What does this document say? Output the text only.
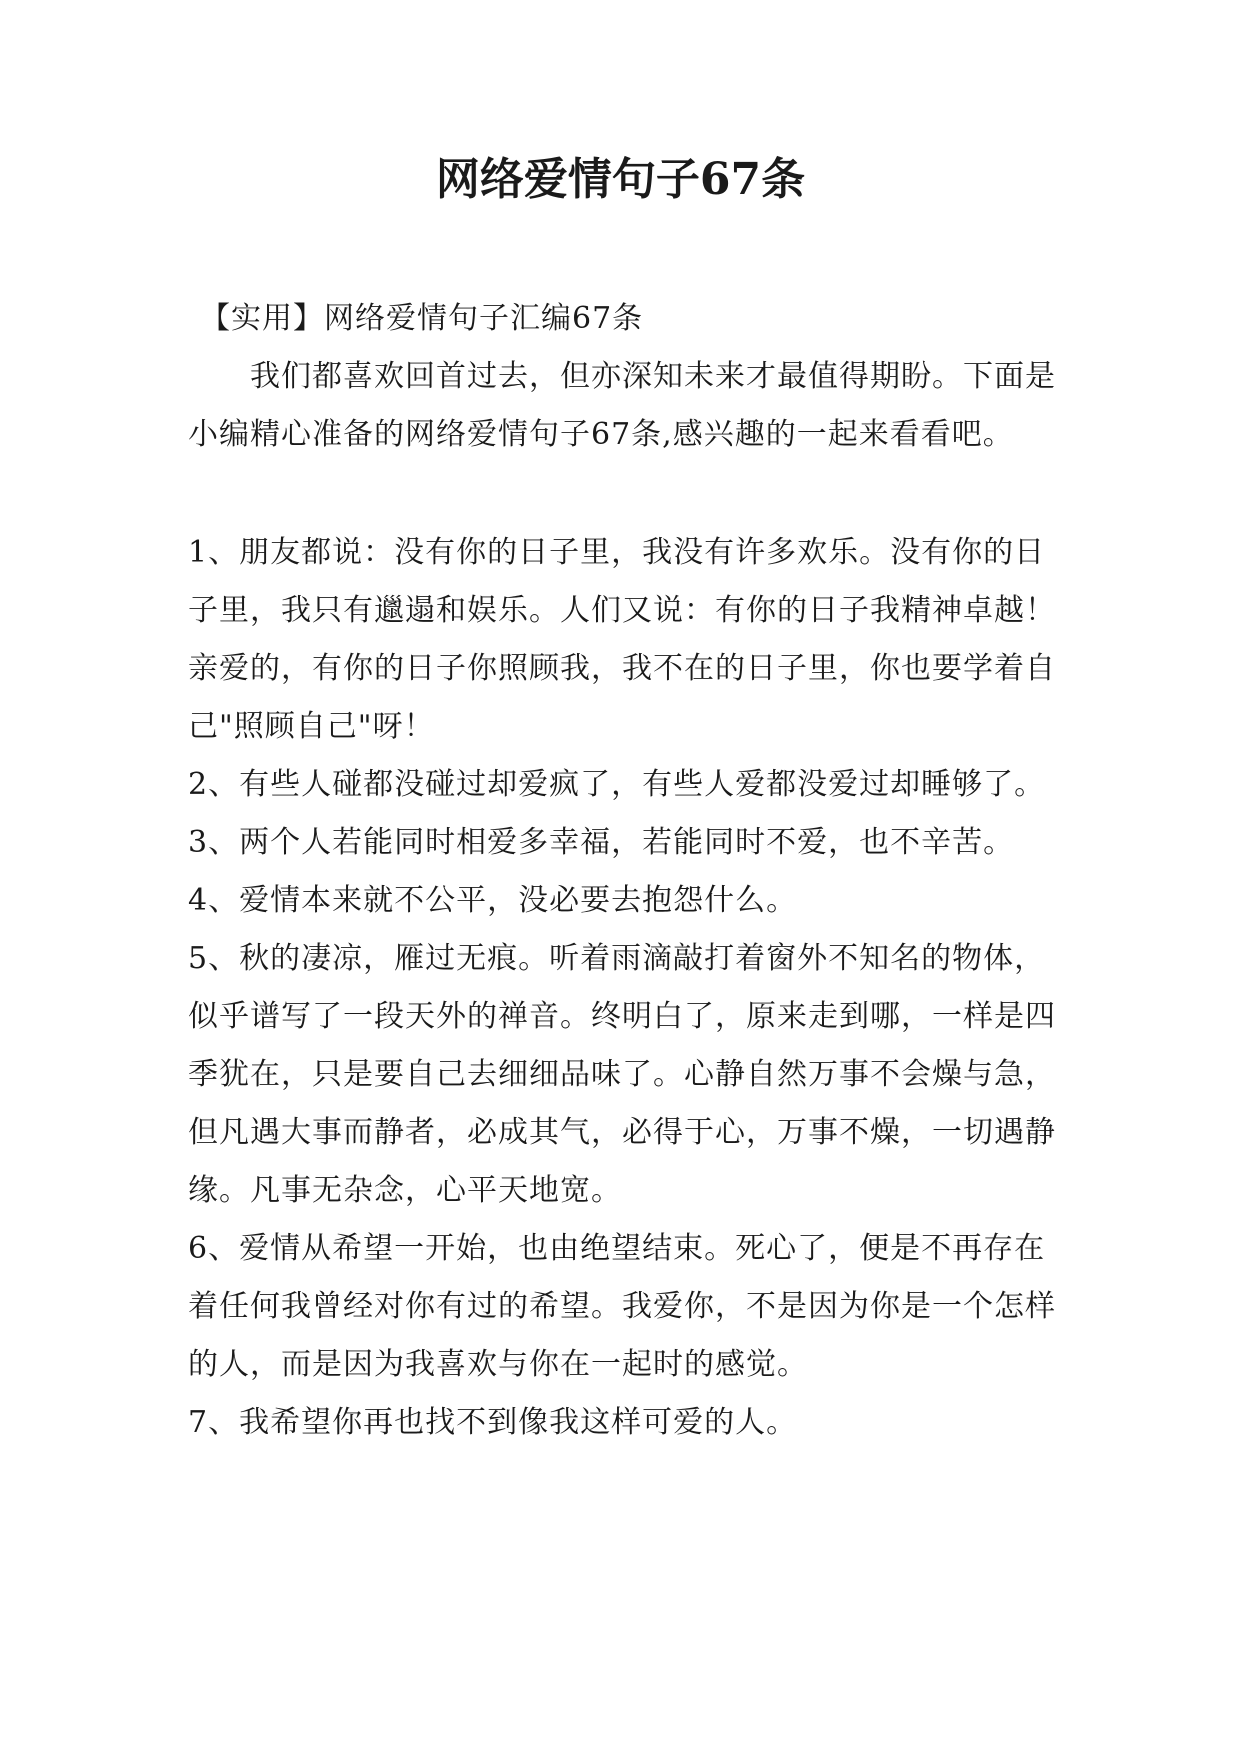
网络爱情句子67条

【实用】网络爱情句子汇编67条

我们都喜欢回首过去，但亦深知未来才最值得期盼。下面是小编精心准备的网络爱情句子67条,感兴趣的一起来看看吧。

1、朋友都说：没有你的日子里，我没有许多欢乐。没有你的日子里，我只有邋遢和娱乐。人们又说：有你的日子我精神卓越！亲爱的，有你的日子你照顾我，我不在的日子里，你也要学着自己"照顾自己"呀！

2、有些人碰都没碰过却爱疯了，有些人爱都没爱过却睡够了。

3、两个人若能同时相爱多幸福，若能同时不爱，也不辛苦。

4、爱情本来就不公平，没必要去抱怨什么。

5、秋的凄凉，雁过无痕。听着雨滴敲打着窗外不知名的物体，似乎谱写了一段天外的禅音。终明白了，原来走到哪，一样是四季犹在，只是要自己去细细品味了。心静自然万事不会燥与急，但凡遇大事而静者，必成其气，必得于心，万事不燥，一切遇静缘。凡事无杂念，心平天地宽。

6、爱情从希望一开始，也由绝望结束。死心了，便是不再存在着任何我曾经对你有过的希望。我爱你，不是因为你是一个怎样的人，而是因为我喜欢与你在一起时的感觉。

7、我希望你再也找不到像我这样可爱的人。
